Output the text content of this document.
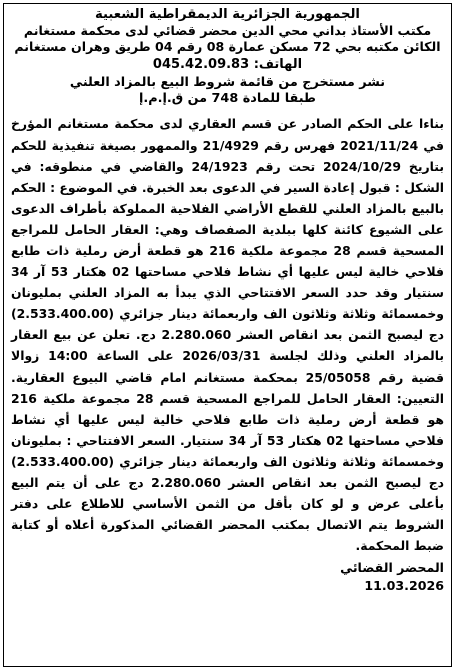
الجمهورية الجزائرية الديمقراطية الشعبية
مكتب الأستاذ بداني محي الدين محضر قضائي لدى محكمة مستغانم
الكائن مكتبه بحي 72 مسكن عمارة 08 رقم 04 طريق وهران مستغانم
الهاتف: 045.42.09.83
نشر مستخرج من قائمة شروط البيع بالمزاد العلني
طبقا للمادة 748 من ق.إ.م.إ

بناءا على الحكم الصادر عن قسم العقاري لدى محكمة مستغانم المؤرخ في 2021/11/24 فهرس رقم 21/4929 والممهور بصيغة تنفيذية للحكم بتاريخ 2024/10/29 تحت رقم 24/1923 والقاضي في منطوقه: في الشكل : قبول إعادة السير في الدعوى بعد الخبرة. في الموضوع : الحكم بالبيع بالمزاد العلني للقطع الأراضي الفلاحية المملوكة بأطراف الدعوى على الشيوع كائنة كلها ببلدية الصفصاف وهي: العقار الحامل للمراجع المسحية قسم 28 مجموعة ملكية 216 هو قطعة أرض رملية ذات طابع فلاحي خالية ليس عليها أي نشاط فلاحي مساحتها 02 هكتار 53 آر 34 سنتيار وقد حدد السعر الافتتاحي الذي يبدأ به المزاد العلني بمليونان وخمسمائة وثلاثة وثلاثون الف واربعمائة دينار جزائري (2.533.400.00) دج ليصبح الثمن بعد انقاص العشر 2.280.060 دج. تعلن عن بيع العقار بالمزاد العلني وذلك لجلسة 2026/03/31 على الساعة 14:00 زوالا قضية رقم 25/05058 بمحكمة مستغانم امام قاضي البيوع العقارية. التعيين: العقار الحامل للمراجع المسحية قسم 28 مجموعة ملكية 216 هو قطعة أرض رملية ذات طابع فلاحي خالية ليس عليها أي نشاط فلاحي مساحتها 02 هكتار 53 آر 34 سنتيار. السعر الافتتاحي : بمليونان وخمسمائة وثلاثة وثلاثون الف واربعمائة دينار جزائري (2.533.400.00) دج ليصبح الثمن بعد انقاص العشر 2.280.060 دج على أن يتم البيع بأعلى عرض و لو كان بأقل من الثمن الأساسي للاطلاع على دفتر الشروط يتم الاتصال بمكتب المحضر القضائي المذكورة أعلاه أو كتابة ضبط المحكمة.

المحضر القضائي
11.03.2026
